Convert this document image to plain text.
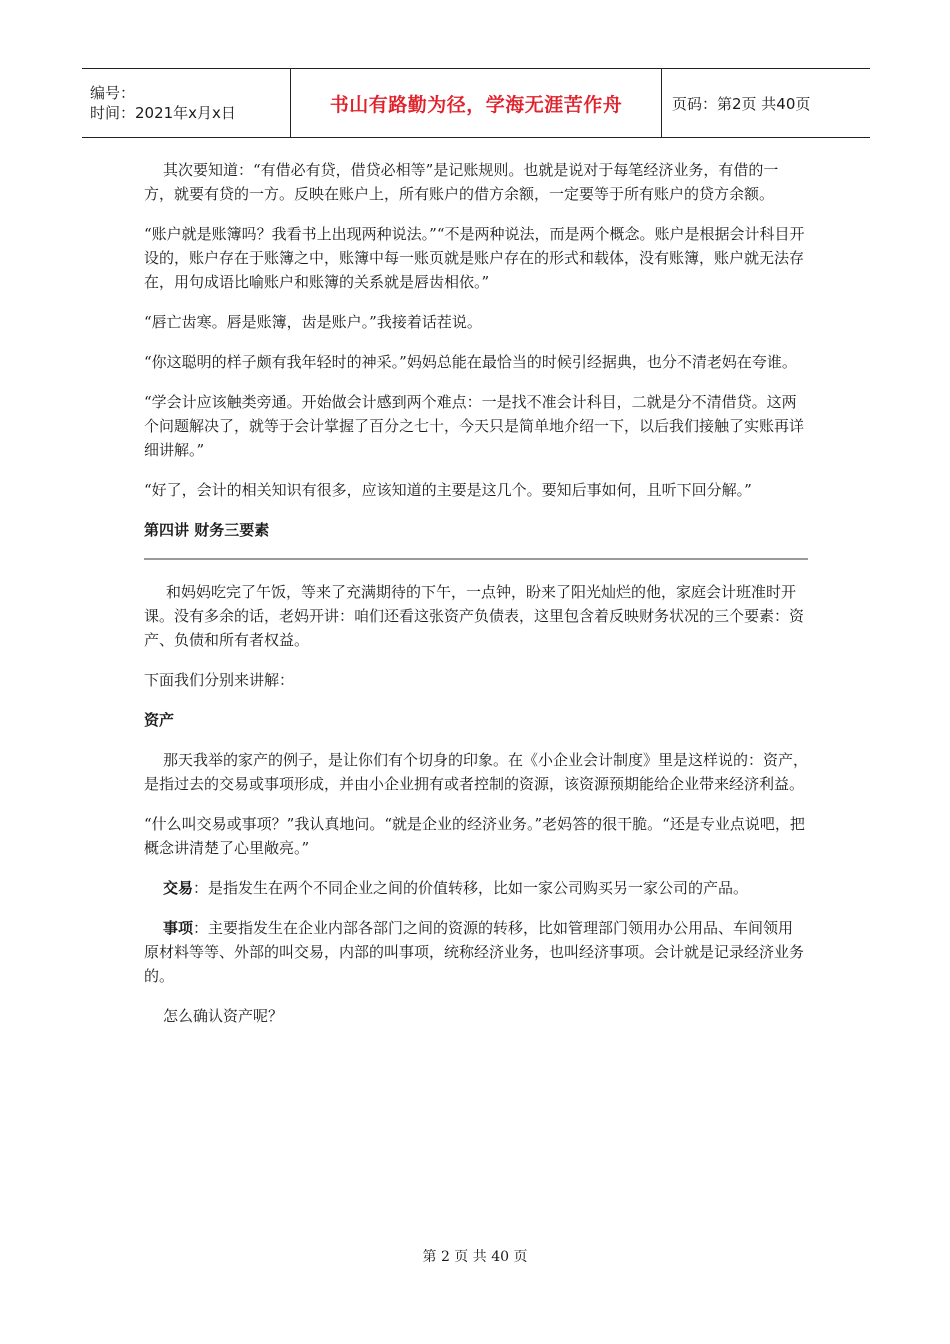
编号：
时间：2021年x月x日	书山有路勤为径，学海无涯苦作舟	页码：第2页 共40页

其次要知道：“有借必有贷，借贷必相等”是记账规则。也就是说对于每笔经济业务，有借的一方，就要有贷的一方。反映在账户上，所有账户的借方余额，一定要等于所有账户的贷方余额。

“账户就是账簿吗？我看书上出现两种说法。”“不是两种说法，而是两个概念。账户是根据会计科目开设的，账户存在于账簿之中，账簿中每一账页就是账户存在的形式和载体，没有账簿，账户就无法存在，用句成语比喻账户和账簿的关系就是唇齿相依。”

“唇亡齿寒。唇是账簿，齿是账户。”我接着话茬说。

“你这聪明的样子颇有我年轻时的神采。”妈妈总能在最恰当的时候引经据典，也分不清老妈在夸谁。

“学会计应该触类旁通。开始做会计感到两个难点：一是找不准会计科目，二就是分不清借贷。这两个问题解决了，就等于会计掌握了百分之七十，今天只是简单地介绍一下，以后我们接触了实账再详细讲解。”

“好了，会计的相关知识有很多，应该知道的主要是这几个。要知后事如何，且听下回分解。”

第四讲 财务三要素

和妈妈吃完了午饭，等来了充满期待的下午，一点钟，盼来了阳光灿烂的他，家庭会计班准时开课。没有多余的话，老妈开讲：咱们还看这张资产负债表，这里包含着反映财务状况的三个要素：资产、负债和所有者权益。

下面我们分别来讲解：

资产

那天我举的家产的例子，是让你们有个切身的印象。在《小企业会计制度》里是这样说的：资产，是指过去的交易或事项形成，并由小企业拥有或者控制的资源，该资源预期能给企业带来经济利益。

“什么叫交易或事项？”我认真地问。“就是企业的经济业务。”老妈答的很干脆。“还是专业点说吧，把概念讲清楚了心里敞亮。”

交易：是指发生在两个不同企业之间的价值转移，比如一家公司购买另一家公司的产品。

事项：主要指发生在企业内部各部门之间的资源的转移，比如管理部门领用办公用品、车间领用原材料等等、外部的叫交易，内部的叫事项，统称经济业务，也叫经济事项。会计就是记录经济业务的。

怎么确认资产呢？

第 2 页 共 40 页
